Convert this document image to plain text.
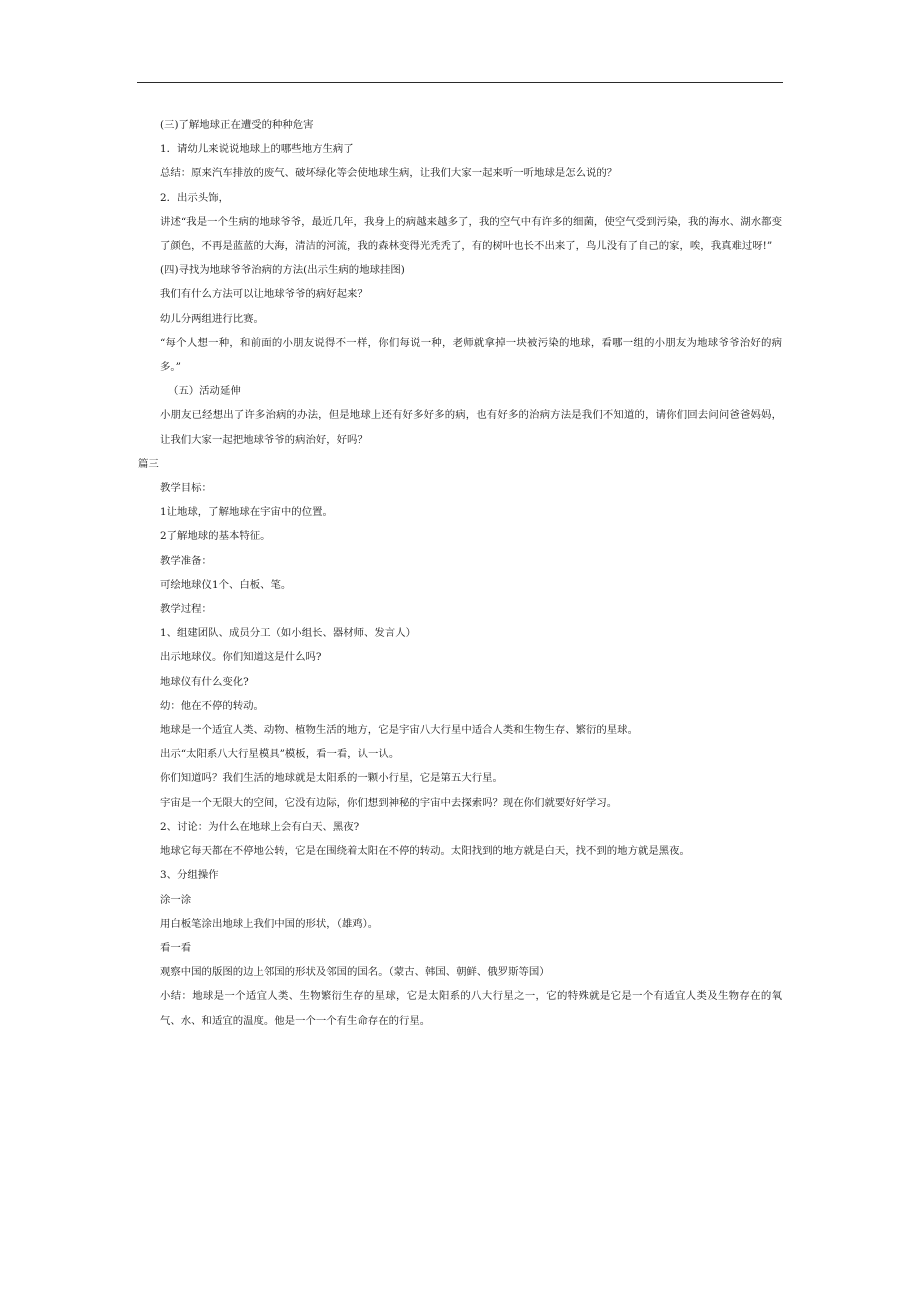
(三)了解地球正在遭受的种种危害

1．请幼儿来说说地球上的哪些地方生病了

总结：原来汽车排放的废气、破坏绿化等会使地球生病，让我们大家一起来听一听地球是怎么说的？

2．出示头饰，

讲述“我是一个生病的地球爷爷，最近几年，我身上的病越来越多了，我的空气中有许多的细菌，使空气受到污染，我的海水、湖水都变了颜色，不再是蓝蓝的大海，清洁的河流，我的森林变得光秃秃了，有的树叶也长不出来了，鸟儿没有了自己的家，唉，我真难过呀!”

(四)寻找为地球爷爷治病的方法(出示生病的地球挂图)

我们有什么方法可以让地球爷爷的病好起来？

幼儿分两组进行比赛。

“每个人想一种，和前面的小朋友说得不一样，你们每说一种，老师就拿掉一块被污染的地球，看哪一组的小朋友为地球爷爷治好的病多。”

（五）活动延伸

小朋友已经想出了许多治病的办法，但是地球上还有好多好多的病，也有好多的治病方法是我们不知道的，请你们回去问问爸爸妈妈，让我们大家一起把地球爷爷的病治好，好吗？

篇三

教学目标：

1让地球，了解地球在宇宙中的位置。

2了解地球的基本特征。

教学准备：

可绘地球仪1个、白板、笔。

教学过程：

1、组建团队、成员分工（如小组长、器材师、发言人）

出示地球仪。你们知道这是什么吗?

地球仪有什么变化?

幼：他在不停的转动。

地球是一个适宜人类、动物、植物生活的地方，它是宇宙八大行星中适合人类和生物生存、繁衍的星球。

出示“太阳系八大行星模具”模板，看一看，认一认。

你们知道吗？我们生活的地球就是太阳系的一颗小行星，它是第五大行星。

宇宙是一个无限大的空间，它没有边际，你们想到神秘的宇宙中去探索吗？现在你们就要好好学习。

2、讨论：为什么在地球上会有白天、黑夜?

地球它每天都在不停地公转，它是在围绕着太阳在不停的转动。太阳找到的地方就是白天，找不到的地方就是黑夜。

3、分组操作

涂一涂

用白板笔涂出地球上我们中国的形状，（雄鸡）。

看一看

观察中国的版图的边上邻国的形状及邻国的国名。（蒙古、韩国、朝鲜、俄罗斯等国）

小结：地球是一个适宜人类、生物繁衍生存的星球，它是太阳系的八大行星之一，它的特殊就是它是一个有适宜人类及生物存在的氧气、水、和适宜的温度。他是一个一个有生命存在的行星。
